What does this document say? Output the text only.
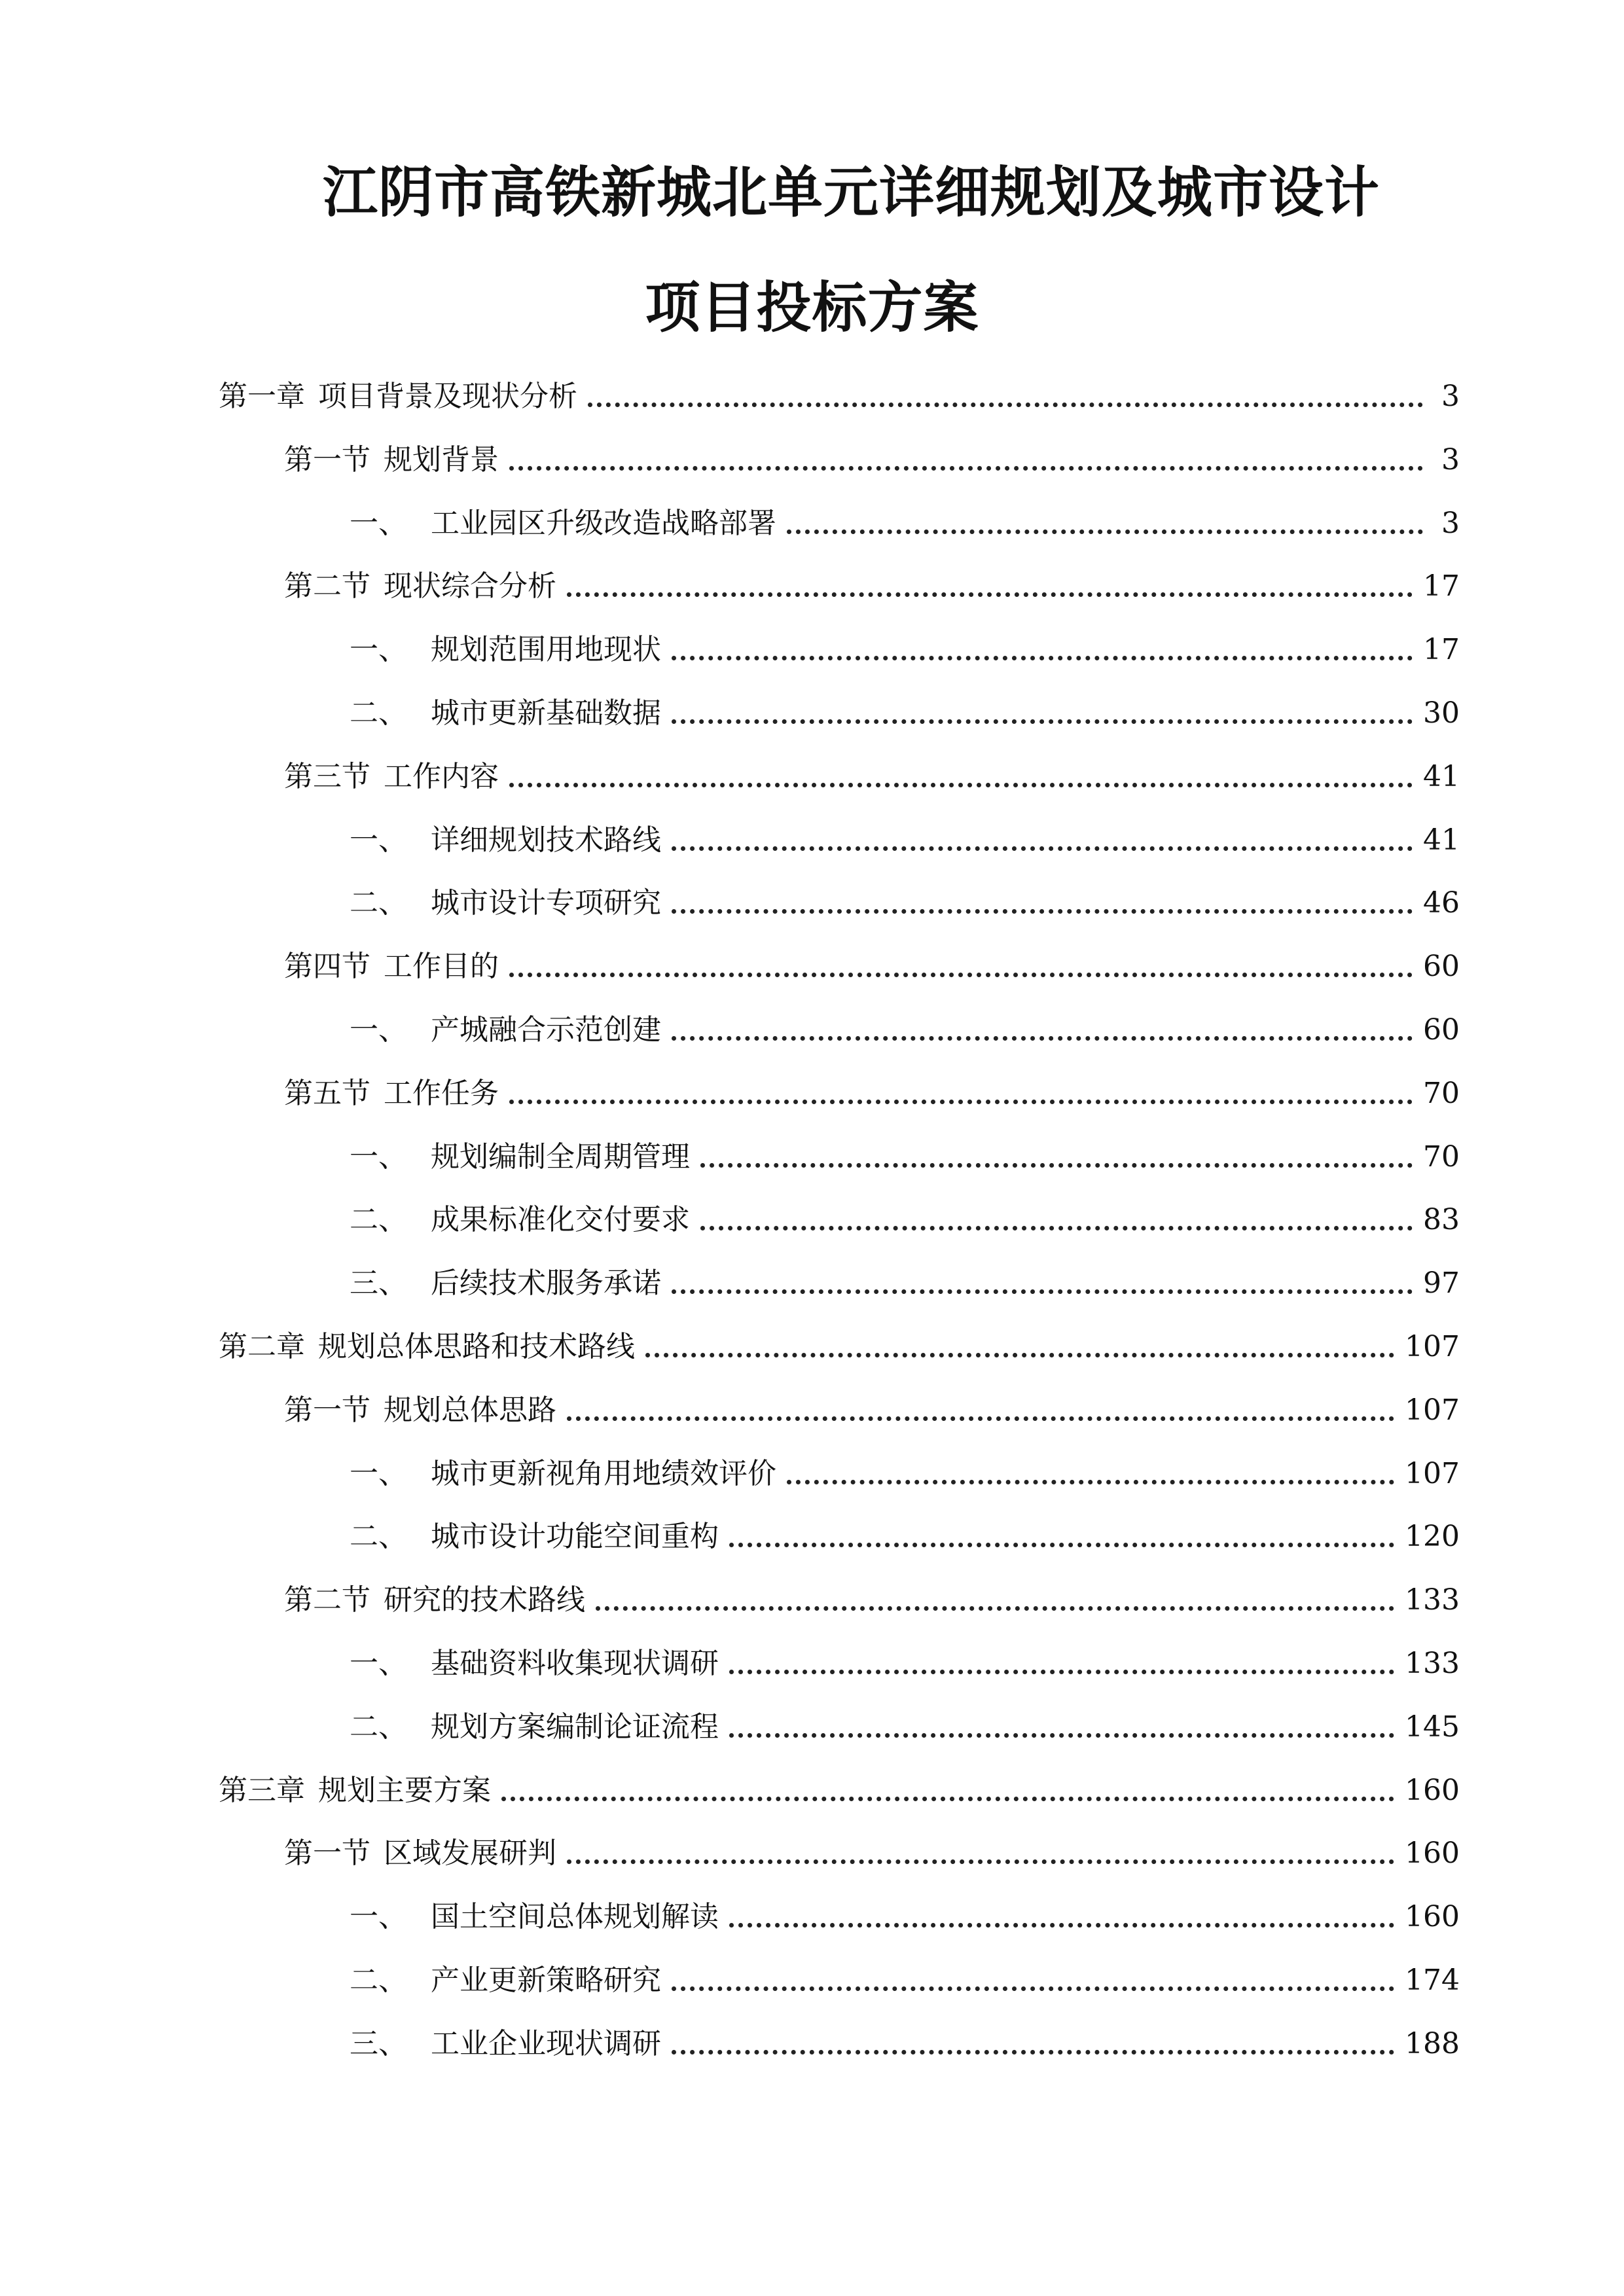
江阴市高铁新城北单元详细规划及城市设计
项目投标方案
第一章 项目背景及现状分析	3
第一节 规划背景	3
一、 工业园区升级改造战略部署	3
第二节 现状综合分析	17
一、 规划范围用地现状	17
二、 城市更新基础数据	30
第三节 工作内容	41
一、 详细规划技术路线	41
二、 城市设计专项研究	46
第四节 工作目的	60
一、 产城融合示范创建	60
第五节 工作任务	70
一、 规划编制全周期管理	70
二、 成果标准化交付要求	83
三、 后续技术服务承诺	97
第二章 规划总体思路和技术路线	107
第一节 规划总体思路	107
一、 城市更新视角用地绩效评价	107
二、 城市设计功能空间重构	120
第二节 研究的技术路线	133
一、 基础资料收集现状调研	133
二、 规划方案编制论证流程	145
第三章 规划主要方案	160
第一节 区域发展研判	160
一、 国土空间总体规划解读	160
二、 产业更新策略研究	174
三、 工业企业现状调研	188
